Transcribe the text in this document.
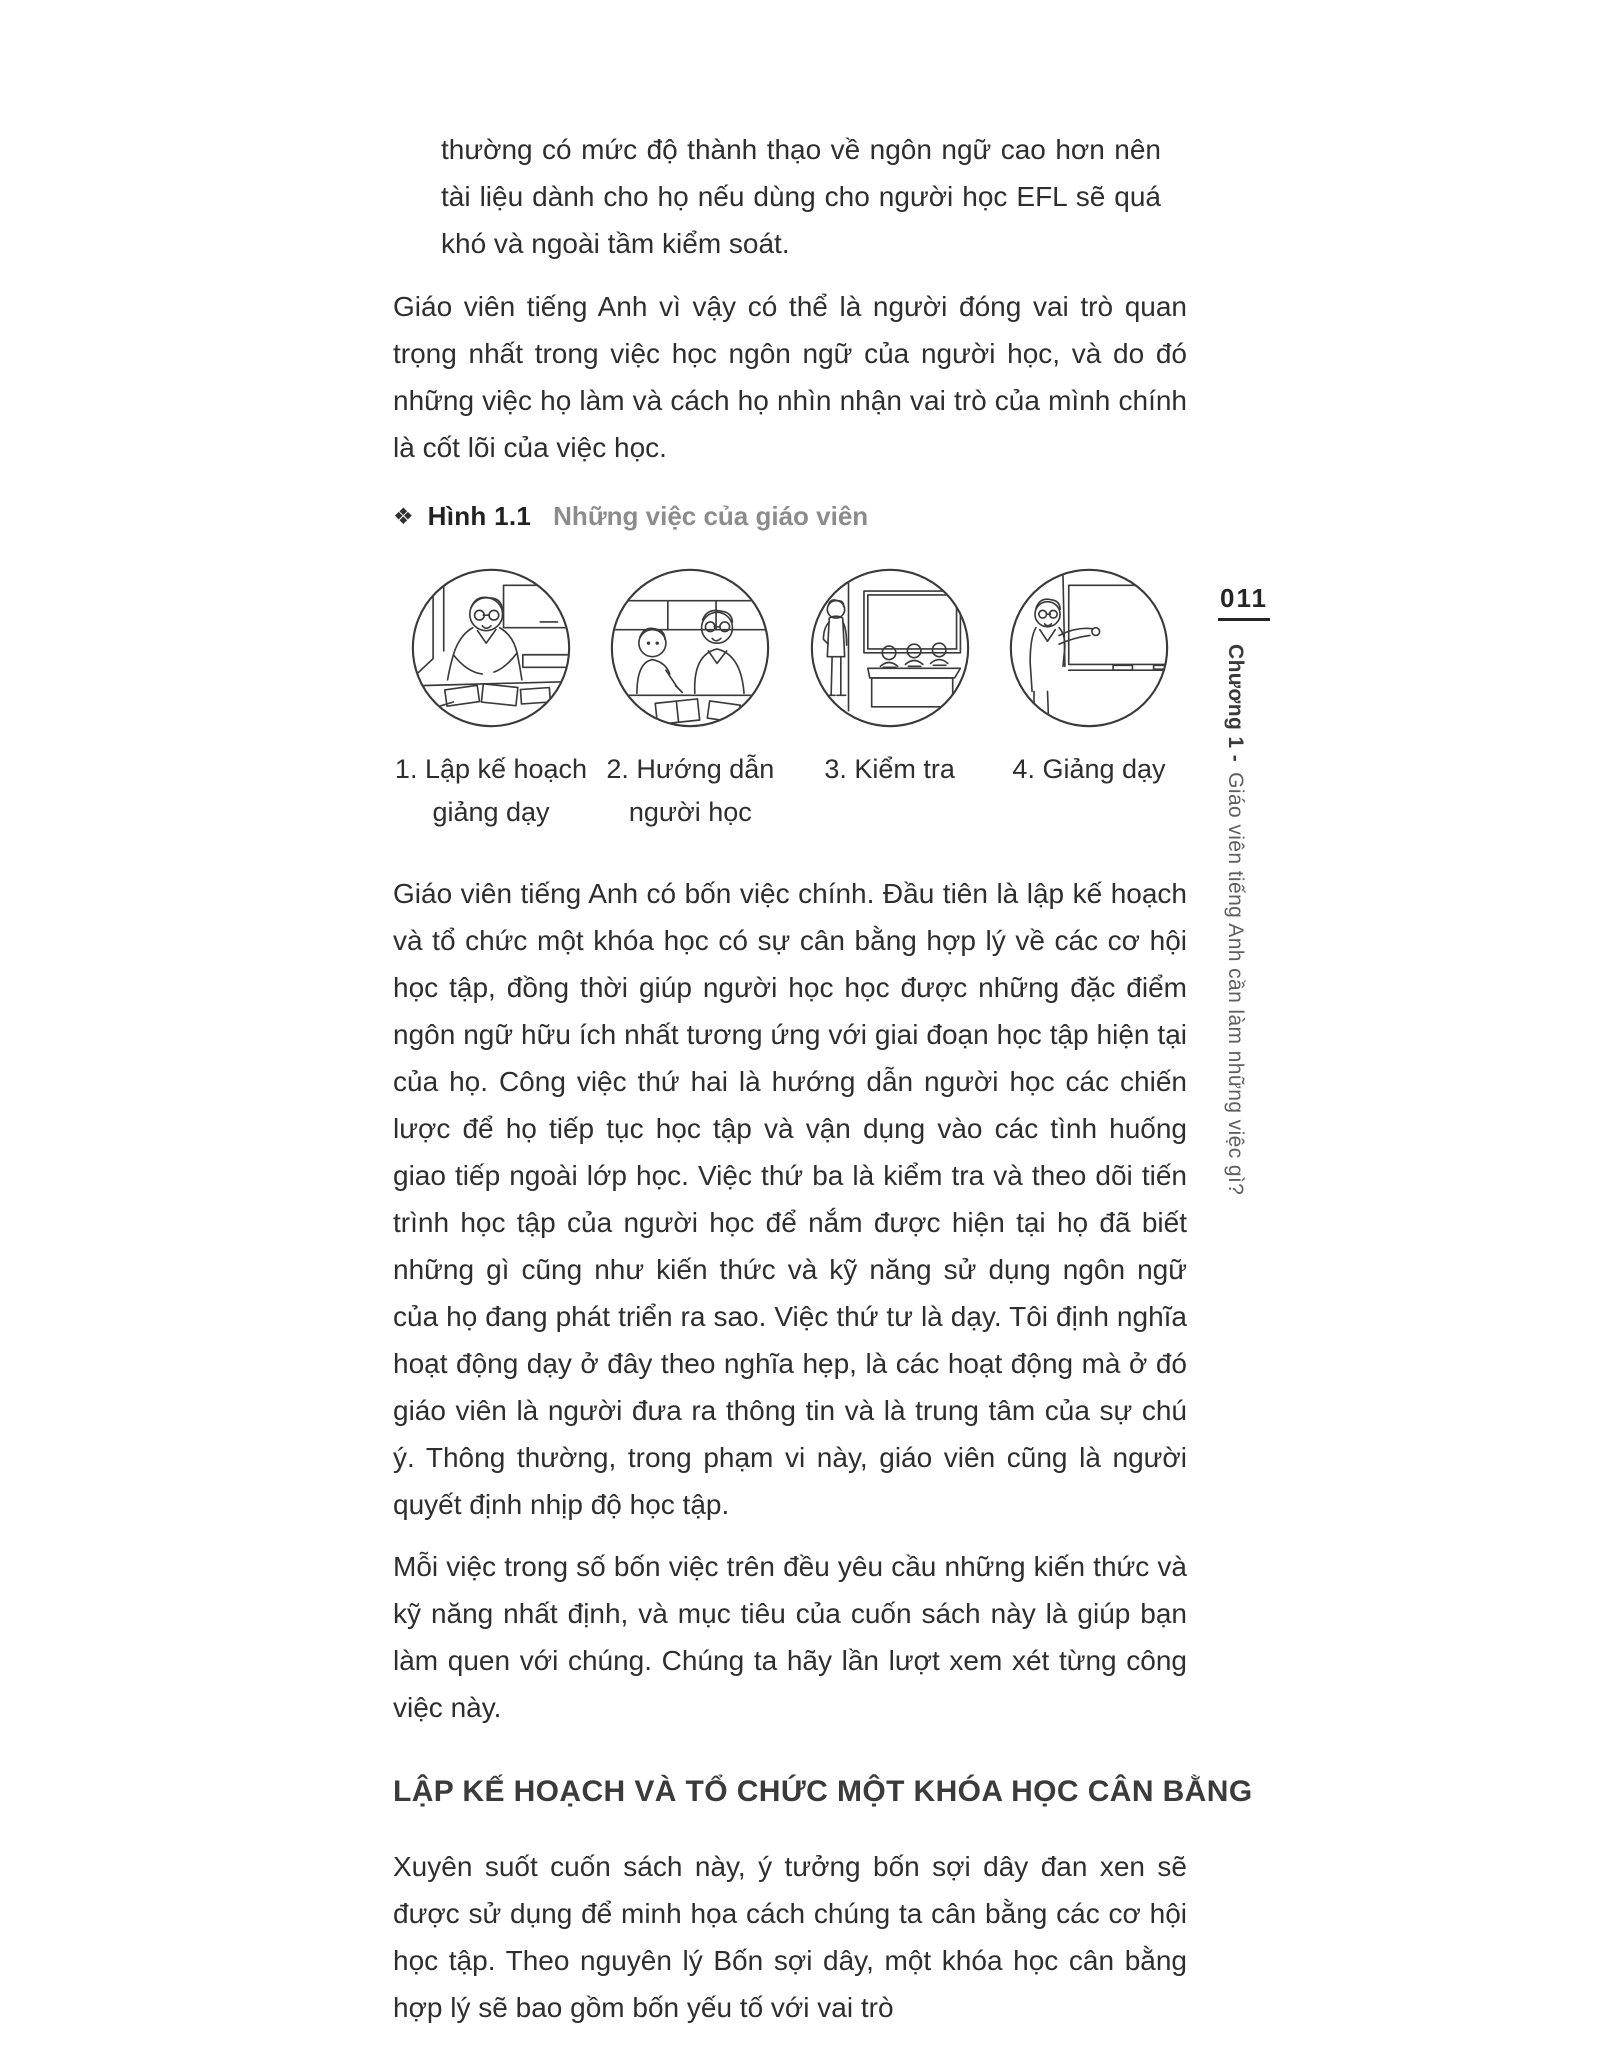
thường có mức độ thành thạo về ngôn ngữ cao hơn nên tài liệu dành cho họ nếu dùng cho người học EFL sẽ quá khó và ngoài tầm kiểm soát.

Giáo viên tiếng Anh vì vậy có thể là người đóng vai trò quan trọng nhất trong việc học ngôn ngữ của người học, và do đó những việc họ làm và cách họ nhìn nhận vai trò của mình chính là cốt lõi của việc học.

❖ Hình 1.1 Những việc của giáo viên
1. Lập kế hoạch
giảng dạy
2. Hướng dẫn
người học
3. Kiểm tra 4. Giảng dạy

Giáo viên tiếng Anh có bốn việc chính. Đầu tiên là lập kế hoạch và tổ chức một khóa học có sự cân bằng hợp lý về các cơ hội học tập, đồng thời giúp người học học được những đặc điểm ngôn ngữ hữu ích nhất tương ứng với giai đoạn học tập hiện tại của họ. Công việc thứ hai là hướng dẫn người học các chiến lược để họ tiếp tục học tập và vận dụng vào các tình huống giao tiếp ngoài lớp học. Việc thứ ba là kiểm tra và theo dõi tiến trình học tập của người học để nắm được hiện tại họ đã biết những gì cũng như kiến thức và kỹ năng sử dụng ngôn ngữ của họ đang phát triển ra sao. Việc thứ tư là dạy. Tôi định nghĩa hoạt động dạy ở đây theo nghĩa hẹp, là các hoạt động mà ở đó giáo viên là người đưa ra thông tin và là trung tâm của sự chú ý. Thông thường, trong phạm vi này, giáo viên cũng là người quyết định nhịp độ học tập.

Mỗi việc trong số bốn việc trên đều yêu cầu những kiến thức và kỹ năng nhất định, và mục tiêu của cuốn sách này là giúp bạn làm quen với chúng. Chúng ta hãy lần lượt xem xét từng công việc này.

LẬP KẾ HOẠCH VÀ TỔ CHỨC MỘT KHÓA HỌC CÂN BẰNG

Xuyên suốt cuốn sách này, ý tưởng bốn sợi dây đan xen sẽ được sử dụng để minh họa cách chúng ta cân bằng các cơ hội học tập. Theo nguyên lý Bốn sợi dây, một khóa học cân bằng hợp lý sẽ bao gồm bốn yếu tố với vai trò

011
Chương 1 -Giáo viên tiếng Anh cần làm những việc gì?
